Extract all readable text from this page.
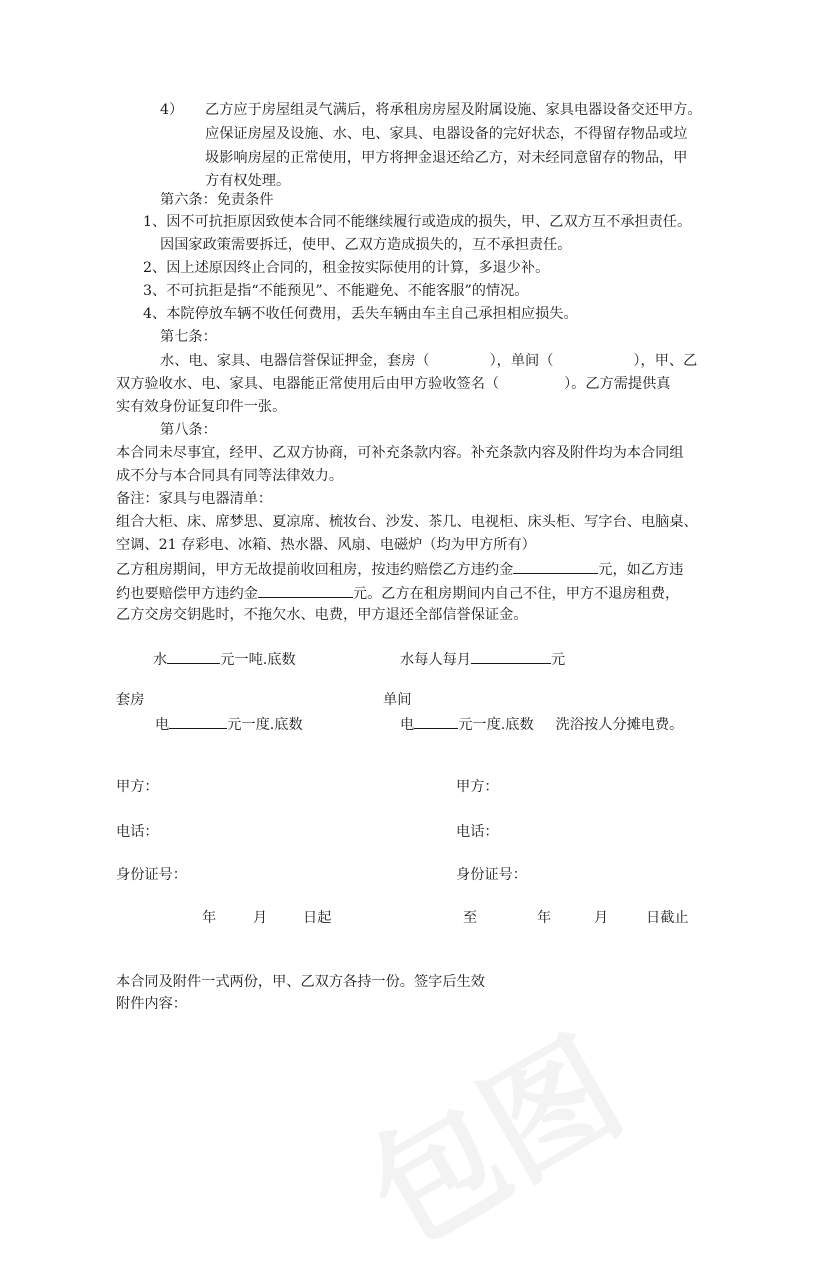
包图
4） 乙方应于房屋组灵气满后，将承租房房屋及附属设施、家具电器设备交还甲方。
应保证房屋及设施、水、电、家具、电器设备的完好状态，不得留存物品或垃
圾影响房屋的正常使用，甲方将押金退还给乙方，对未经同意留存的物品，甲
方有权处理。
第六条：免责条件
1、因不可抗拒原因致使本合同不能继续履行或造成的损失，甲、乙双方互不承担责任。
因国家政策需要拆迁，使甲、乙双方造成损失的，互不承担责任。
2、因上述原因终止合同的，租金按实际使用的计算，多退少补。
3、不可抗拒是指“不能预见”、不能避免、不能客服”的情况。
4、本院停放车辆不收任何费用，丢失车辆由车主自己承担相应损失。
第七条：
水、电、家具、电器信誉保证押金，套房（	），单间（	），甲、乙
双方验收水、电、家具、电器能正常使用后由甲方验收签名（	）。乙方需提供真
实有效身份证复印件一张。
第八条：
本合同未尽事宜，经甲、乙双方协商，可补充条款内容。补充条款内容及附件均为本合同组
成不分与本合同具有同等法律效力。
备注：家具与电器清单：
组合大柜、床、席梦思、夏凉席、梳妆台、沙发、茶几、电视柜、床头柜、写字台、电脑桌、
空调、21 存彩电、冰箱、热水器、风扇、电磁炉（均为甲方所有）
乙方租房期间，甲方无故提前收回租房，按违约赔偿乙方违约金	元，如乙方违
约也要赔偿甲方违约金	元。乙方在租房期间内自己不住，甲方不退房租费，
乙方交房交钥匙时，不拖欠水、电费，甲方退还全部信誉保证金。
水	元一吨.底数	水每人每月	元
套房	单间
电	元一度.底数	电	元一度.底数 洗浴按人分摊电费。
甲方：	甲方：
电话：	电话：
身份证号：	身份证号：
年	月	日起	至	年	月	日截止
本合同及附件一式两份，甲、乙双方各持一份。签字后生效
附件内容：
